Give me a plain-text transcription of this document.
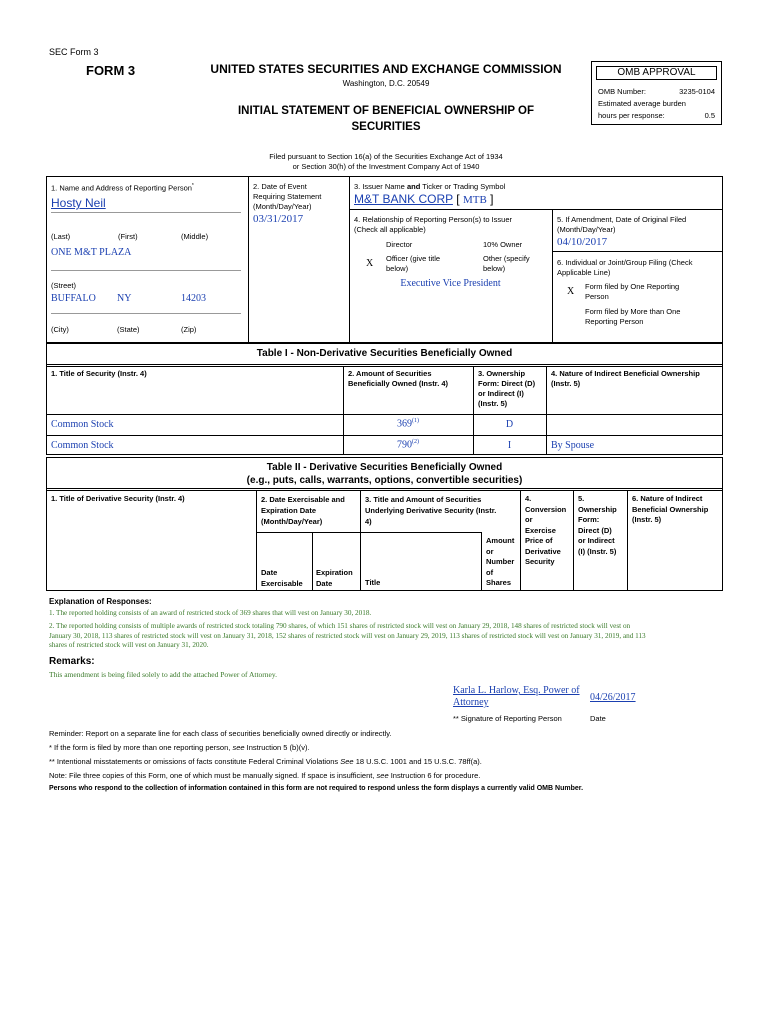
SEC Form 3
FORM 3	UNITED STATES SECURITIES AND EXCHANGE COMMISSION
Washington, D.C. 20549
INITIAL STATEMENT OF BENEFICIAL OWNERSHIP OF
SECURITIES
Filed pursuant to Section 16(a) of the Securities Exchange Act of 1934
or Section 30(h) of the Investment Company Act of 1940
OMB APPROVAL
OMB Number:	3235-0104
Estimated average burden
hours per response:	0.5
1. Name and Address of Reporting Person*
Hosty Neil
(Last)	(First)	(Middle)
ONE M&T PLAZA
(Street)
BUFFALO NY	14203
(City)	(State)	(Zip)
2. Date of Event
Requiring Statement
(Month/Day/Year)
03/31/2017
3. Issuer Name and Ticker or Trading Symbol
M&T BANK CORP [ MTB ]
4. Relationship of Reporting Person(s) to Issuer
(Check all applicable)
Director	10% Owner
X Officer (give title
below)
Other (specify
below)
Executive Vice President
5. If Amendment, Date of Original Filed
(Month/Day/Year)
04/10/2017
6. Individual or Joint/Group Filing (Check
Applicable Line)
X Form filed by One Reporting
Person
Form filed by More than One
Reporting Person
Table I - Non-Derivative Securities Beneficially Owned
1. Title of Security (Instr. 4)	2. Amount of Securities
Beneficially Owned (Instr. 4)
3. Ownership
Form: Direct (D)
or Indirect (I)
(Instr. 5)
4. Nature of Indirect Beneficial Ownership
(Instr. 5)
Common Stock	369$^{(1)}$	D
Common Stock	790$^{(2)}$	I	By Spouse
Table II - Derivative Securities Beneficially Owned
(e.g., puts, calls, warrants, options, convertible securities)
1. Title of Derivative Security (Instr. 4)	2. Date Exercisable and
Expiration Date
(Month/Day/Year)
Date
Exercisable
Expiration
Date
3. Title and Amount of Securities
Underlying Derivative Security (Instr.
4)
Title
Amount
or
Number
of
Shares
4.
Conversion
or
Exercise
Price of
Derivative
Security
5.
Ownership
Form:
Direct (D)
or Indirect
(I) (Instr. 5)
6. Nature of Indirect
Beneficial Ownership
(Instr. 5)
Explanation of Responses:
1. The reported holding consists of an award of restricted stock of 369 shares that will vest on January 30, 2018.
2. The reported holding consists of multiple awards of restricted stock totaling 790 shares, of which 151 shares of restricted stock will vest on January 29, 2018, 148 shares of restricted stock will vest on
January 30, 2018, 113 shares of restricted stock will vest on January 31, 2018, 152 shares of restricted stock will vest on January 29, 2019, 113 shares of restricted stock will vest on January 31, 2019, and 113
shares of restricted stock will vest on January 31, 2020.
Remarks:
This amendment is being filed solely to add the attached Power of Attorney.
Karla L. Harlow, Esq. Power of
Attorney	04/26/2017
** Signature of Reporting Person	Date
Reminder: Report on a separate line for each class of securities beneficially owned directly or indirectly.
* If the form is filed by more than one reporting person, see Instruction 5 (b)(v).
** Intentional misstatements or omissions of facts constitute Federal Criminal Violations See 18 U.S.C. 1001 and 15 U.S.C. 78ff(a).
Note: File three copies of this Form, one of which must be manually signed. If space is insufficient, see Instruction 6 for procedure.
Persons who respond to the collection of information contained in this form are not required to respond unless the form displays a currently valid OMB Number.
